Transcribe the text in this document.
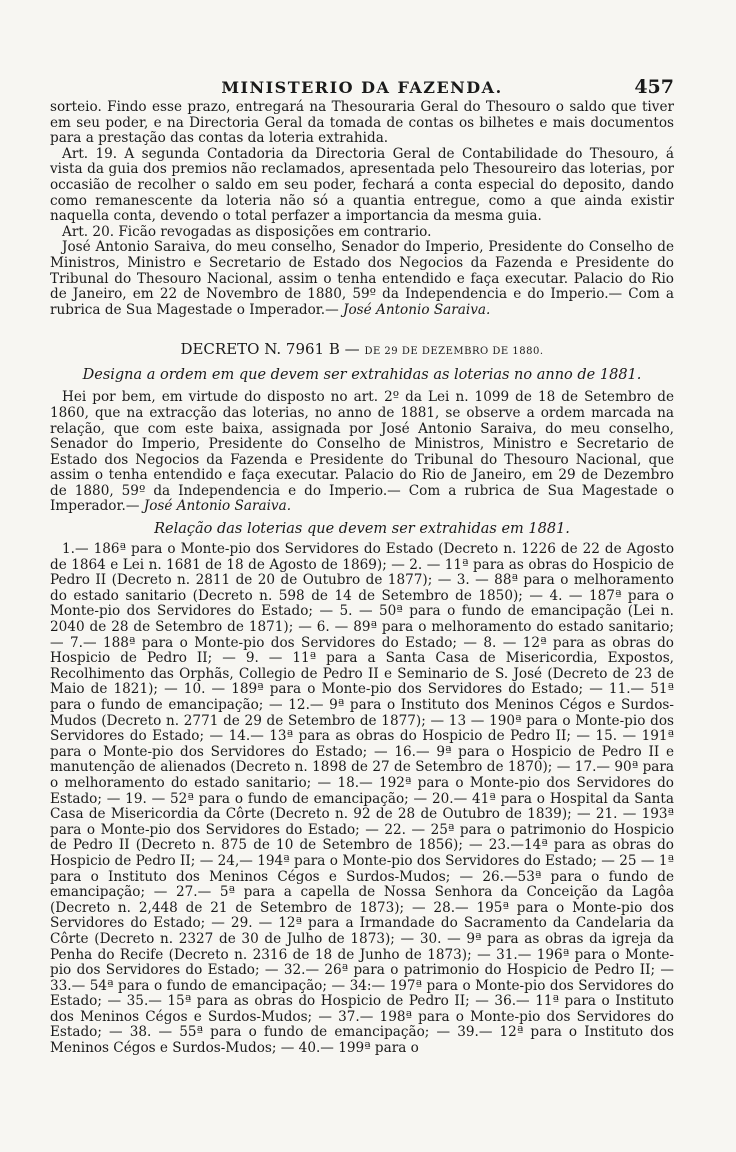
MINISTERIO DA FAZENDA.	457

sorteio. Findo esse prazo, entregará na Thesouraria Geral do Thesouro o saldo que tiver em seu poder, e na Directoria Geral da tomada de contas os bilhetes e mais documentos para a prestação das contas da loteria extrahida.

Art. 19. A segunda Contadoria da Directoria Geral de Contabilidade do Thesouro, á vista da guia dos premios não reclamados, apresentada pelo Thesoureiro das loterias, por occasião de recolher o saldo em seu poder, fechará a conta especial do deposito, dando como remanescente da loteria não só a quantia entregue, como a que ainda existir naquella conta, devendo o total perfazer a importancia da mesma guia.

Art. 20. Ficão revogadas as disposições em contrario.

José Antonio Saraiva, do meu conselho, Senador do Imperio, Presidente do Conselho de Ministros, Ministro e Secretario de Estado dos Negocios da Fazenda e Presidente do Tribunal do Thesouro Nacional, assim o tenha entendido e faça executar. Palacio do Rio de Janeiro, em 22 de Novembro de 1880, 59º da Independencia e do Imperio.— Com a rubrica de Sua Magestade o Imperador.— José Antonio Saraiva.

DECRETO N. 7961 B — DE 29 DE DEZEMBRO DE 1880.
Designa a ordem em que devem ser extrahidas as loterias no anno de 1881.

Hei por bem, em virtude do disposto no art. 2º da Lei n. 1099 de 18 de Setembro de 1860, que na extracção das loterias, no anno de 1881, se observe a ordem marcada na relação, que com este baixa, assignada por José Antonio Saraiva, do meu conselho, Senador do Imperio, Presidente do Conselho de Ministros, Ministro e Secretario de Estado dos Negocios da Fazenda e Presidente do Tribunal do Thesouro Nacional, que assim o tenha entendido e faça executar. Palacio do Rio de Janeiro, em 29 de Dezembro de 1880, 59º da Independencia e do Imperio.— Com a rubrica de Sua Magestade o Imperador.— José Antonio Saraiva.

Relação das loterias que devem ser extrahidas em 1881.

1.— 186ª para o Monte-pio dos Servidores do Estado (Decreto n. 1226 de 22 de Agosto de 1864 e Lei n. 1681 de 18 de Agosto de 1869); — 2. — 11ª para as obras do Hospicio de Pedro II (Decreto n. 2811 de 20 de Outubro de 1877); — 3. — 88ª para o melhoramento do estado sanitario (Decreto n. 598 de 14 de Setembro de 1850); — 4. — 187ª para o Monte-pio dos Servidores do Estado; — 5. — 50ª para o fundo de emancipação (Lei n. 2040 de 28 de Setembro de 1871); — 6. — 89ª para o melhoramento do estado sanitario; — 7.— 188ª para o Monte-pio dos Servidores do Estado; — 8. — 12ª para as obras do Hospicio de Pedro II; — 9. — 11ª para a Santa Casa de Misericordia, Expostos, Recolhimento das Orphãs, Collegio de Pedro II e Seminario de S. José (Decreto de 23 de Maio de 1821); — 10. — 189ª para o Monte-pio dos Servidores do Estado; — 11.— 51ª para o fundo de emancipação; — 12.— 9ª para o Instituto dos Meninos Cégos e Surdos-Mudos (Decreto n. 2771 de 29 de Setembro de 1877); — 13 — 190ª para o Monte-pio dos Servidores do Estado; — 14.— 13ª para as obras do Hospicio de Pedro II; — 15. — 191ª para o Monte-pio dos Servidores do Estado; — 16.— 9ª para o Hospicio de Pedro II e manutenção de alienados (Decreto n. 1898 de 27 de Setembro de 1870); — 17.— 90ª para o melhoramento do estado sanitario; — 18.— 192ª para o Monte-pio dos Servidores do Estado; — 19. — 52ª para o fundo de emancipação; — 20.— 41ª para o Hospital da Santa Casa de Misericordia da Côrte (Decreto n. 92 de 28 de Outubro de 1839); — 21. — 193ª para o Monte-pio dos Servidores do Estado; — 22. — 25ª para o patrimonio do Hospicio de Pedro II (Decreto n. 875 de 10 de Setembro de 1856); — 23.—14ª para as obras do Hospicio de Pedro II; — 24,— 194ª para o Monte-pio dos Servidores do Estado; — 25 — 1ª para o Instituto dos Meninos Cégos e Surdos-Mudos; — 26.—53ª para o fundo de emancipação; — 27.— 5ª para a capella de Nossa Senhora da Conceição da Lagôa (Decreto n. 2,448 de 21 de Setembro de 1873); — 28.— 195ª para o Monte-pio dos Servidores do Estado; — 29. — 12ª para a Irmandade do Sacramento da Candelaria da Côrte (Decreto n. 2327 de 30 de Julho de 1873); — 30. — 9ª para as obras da igreja da Penha do Recife (Decreto n. 2316 de 18 de Junho de 1873); — 31.— 196ª para o Monte-pio dos Servidores do Estado; — 32.— 26ª para o patrimonio do Hospicio de Pedro II; — 33.— 54ª para o fundo de emancipação; — 34:— 197ª para o Monte-pio dos Servidores do Estado; — 35.— 15ª para as obras do Hospicio de Pedro II; — 36.— 11ª para o Instituto dos Meninos Cégos e Surdos-Mudos; — 37.— 198ª para o Monte-pio dos Servidores do Estado; — 38. — 55ª para o fundo de emancipação; — 39.— 12ª para o Instituto dos Meninos Cégos e Surdos-Mudos; — 40.— 199ª para o
